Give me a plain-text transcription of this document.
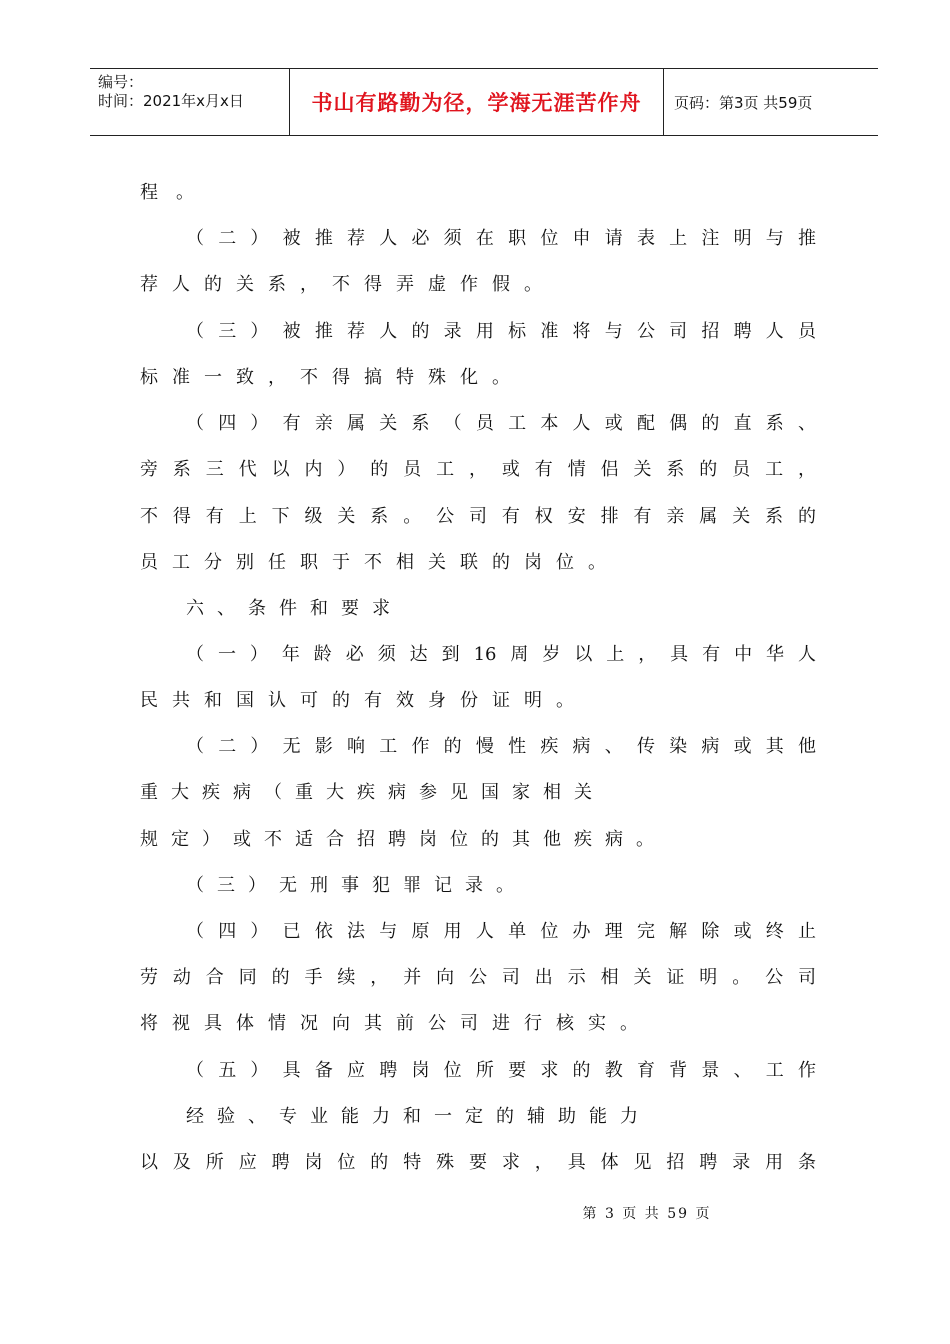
编号：
时间：2021年x月x日	书山有路勤为径，学海无涯苦作舟 页码：第3页 共59页
程。
（二）被推荐人必须在职位申请表上注明与推
荐人的关系，不得弄虚作假。
（三）被推荐人的录用标准将与公司招聘人员
标准一致，不得搞特殊化。
（四）有亲属关系（员工本人或配偶的直系、
旁系三代以内）的员工，或有情侣关系的员工，
不得有上下级关系。公司有权安排有亲属关系的
员工分别任职于不相关联的岗位。
六、条件和要求
（一）年龄必须达到16周岁以上，具有中华人
民共和国认可的有效身份证明。
（二）无影响工作的慢性疾病、传染病或其他
重大疾病（重大疾病参见国家相关
规定）或不适合招聘岗位的其他疾病。
（三）无刑事犯罪记录。
（四）已依法与原用人单位办理完解除或终止
劳动合同的手续，并向公司出示相关证明。公司
将视具体情况向其前公司进行核实。
（五）具备应聘岗位所要求的教育背景、工作
经验、专业能力和一定的辅助能力
以及所应聘岗位的特殊要求，具体见招聘录用条
第 3 页 共 59 页
